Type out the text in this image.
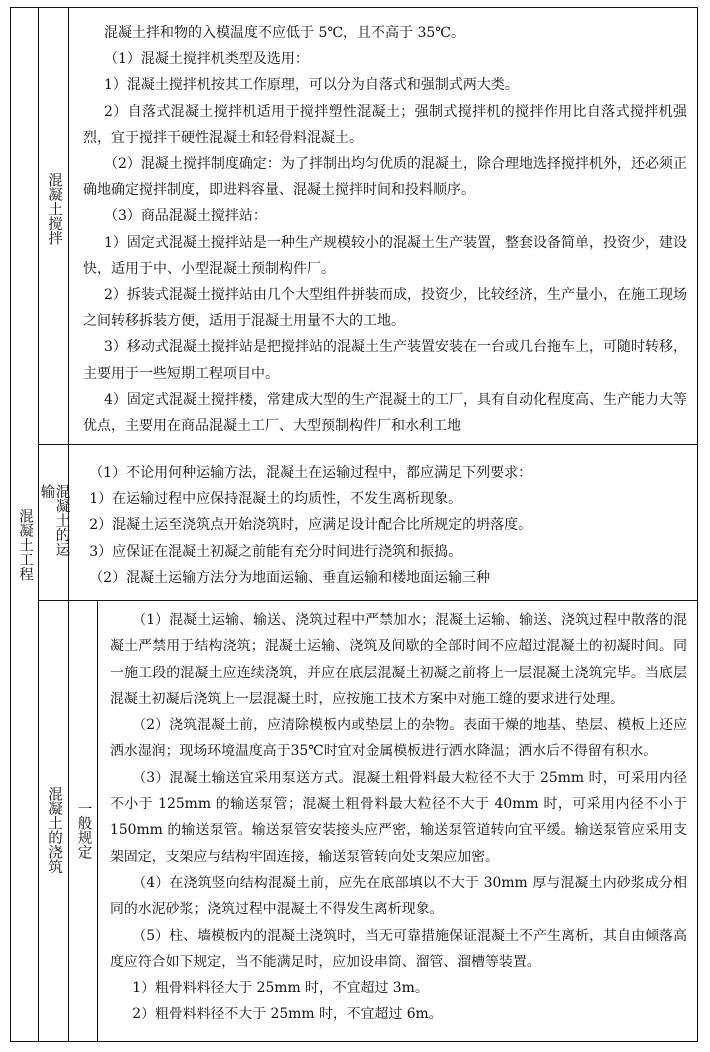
混凝土工程
混凝土搅拌

混凝土拌和物的入模温度不应低于 5℃，且不高于 35℃。

（1）混凝土搅拌机类型及选用：

1）混凝土搅拌机按其工作原理，可以分为自落式和强制式两大类。

2）自落式混凝土搅拌机适用于搅拌塑性混凝土；强制式搅拌机的搅拌作用比自落式搅拌机强烈，宜于搅拌干硬性混凝土和轻骨料混凝土。

（2）混凝土搅拌制度确定：为了拌制出均匀优质的混凝土，除合理地选择搅拌机外，还必须正确地确定搅拌制度，即进料容量、混凝土搅拌时间和投料顺序。

（3）商品混凝土搅拌站：

1）固定式混凝土搅拌站是一种生产规模较小的混凝土生产装置，整套设备简单，投资少，建设快，适用于中、小型混凝土预制构件厂。

2）拆装式混凝土搅拌站由几个大型组件拼装而成，投资少，比较经济，生产量小，在施工现场之间转移拆装方便，适用于混凝土用量不大的工地。

3）移动式混凝土搅拌站是把搅拌站的混凝土生产装置安装在一台或几台拖车上，可随时转移，主要用于一些短期工程项目中。

4）固定式混凝土搅拌楼，常建成大型的生产混凝土的工厂，具有自动化程度高、生产能力大等优点，主要用在商品混凝土工厂、大型预制构件厂和水利工地

混凝土的运输

（1）不论用何种运输方法，混凝土在运输过程中，都应满足下列要求：

1）在运输过程中应保持混凝土的均质性，不发生离析现象。

2）混凝土运至浇筑点开始浇筑时，应满足设计配合比所规定的坍落度。

3）应保证在混凝土初凝之前能有充分时间进行浇筑和振捣。

（2）混凝土运输方法分为地面运输、垂直运输和楼地面运输三种

混凝土的浇筑 一般规定

（1）混凝土运输、输送、浇筑过程中严禁加水；混凝土运输、输送、浇筑过程中散落的混凝土严禁用于结构浇筑；混凝土运输、浇筑及间歇的全部时间不应超过混凝土的初凝时间。同一施工段的混凝土应连续浇筑，并应在底层混凝土初凝之前将上一层混凝土浇筑完毕。当底层混凝土初凝后浇筑上一层混凝土时，应按施工技术方案中对施工缝的要求进行处理。

（2）浇筑混凝土前，应清除模板内或垫层上的杂物。表面干燥的地基、垫层、模板上还应洒水湿润；现场环境温度高于35℃时宜对金属模板进行洒水降温；洒水后不得留有积水。

（3）混凝土输送宜采用泵送方式。混凝土粗骨料最大粒径不大于 25mm 时，可采用内径不小于 125mm 的输送泵管；混凝土粗骨料最大粒径不大于 40mm 时，可采用内径不小于 150mm 的输送泵管。输送泵管安装接头应严密，输送泵管道转向宜平缓。输送泵管应采用支架固定，支架应与结构牢固连接，输送泵管转向处支架应加密。

（4）在浇筑竖向结构混凝土前，应先在底部填以不大于 30mm 厚与混凝土内砂浆成分相同的水泥砂浆；浇筑过程中混凝土不得发生离析现象。

（5）柱、墙模板内的混凝土浇筑时，当无可靠措施保证混凝土不产生离析，其自由倾落高度应符合如下规定，当不能满足时，应加设串筒、溜管、溜槽等装置。

1）粗骨料料径大于 25mm 时，不宜超过 3m。

2）粗骨料料径不大于 25mm 时，不宜超过 6m。
